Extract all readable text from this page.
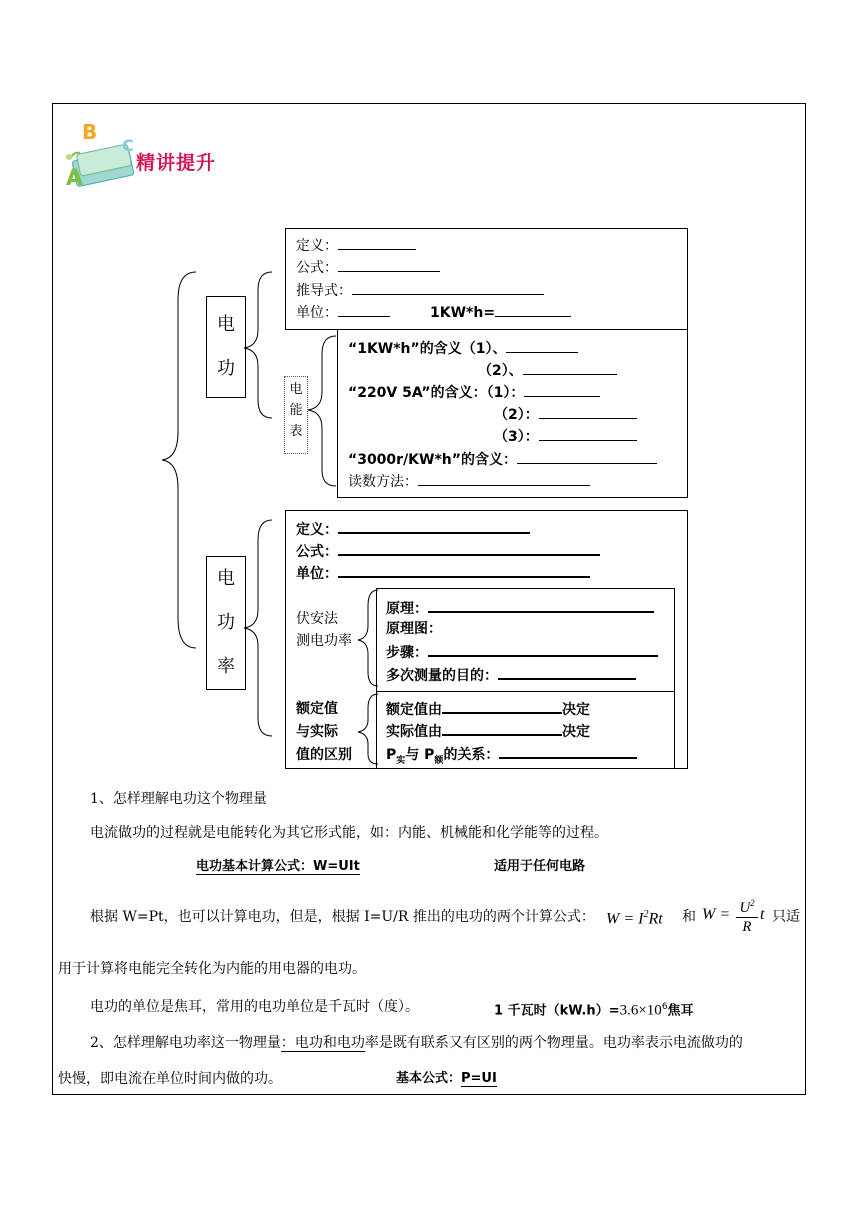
A
B
C
精讲提升
电
功
定义：
公式：
推导式：
单位：	1KW*h=
电
能
表
“1KW*h”的含义（1）、
（2）、
“220V 5A”的含义：（1）：
（2）：
（3）：
“3000r/KW*h”的含义：
读数方法：
电
功
率
定义：
公式：
单位：
伏安法
测电功率
原理：
原理图：
步骤：
多次测量的目的：
额定值
与实际
值的区别
额定值由	决定
实际值由	决定
$P_实$与 $P_额$的关系：
1、怎样理解电功这个物理量
电流做功的过程就是电能转化为其它形式能，如：内能、机械能和化学能等的过程。
电功基本计算公式：W=UIt	适用于任何电路
根据 W=Pt，也可以计算电功，但是，根据 I=U/R 推出的电功的两个计算公式： $W = I^2Rt$ 和 $W = U^2$
R
t 只适
用于计算将电能完全转化为内能的用电器的电功。
电功的单位是焦耳，常用的电功单位是千瓦时（度）。	1 千瓦时$(kW.h)=3.6\times 10^6$焦耳
2、怎样理解电功率这一物理量：电功和电功率是既有联系又有区别的两个物理量。电功率表示电流做功的
快慢，即电流在单位时间内做的功。	基本公式：P=UI
